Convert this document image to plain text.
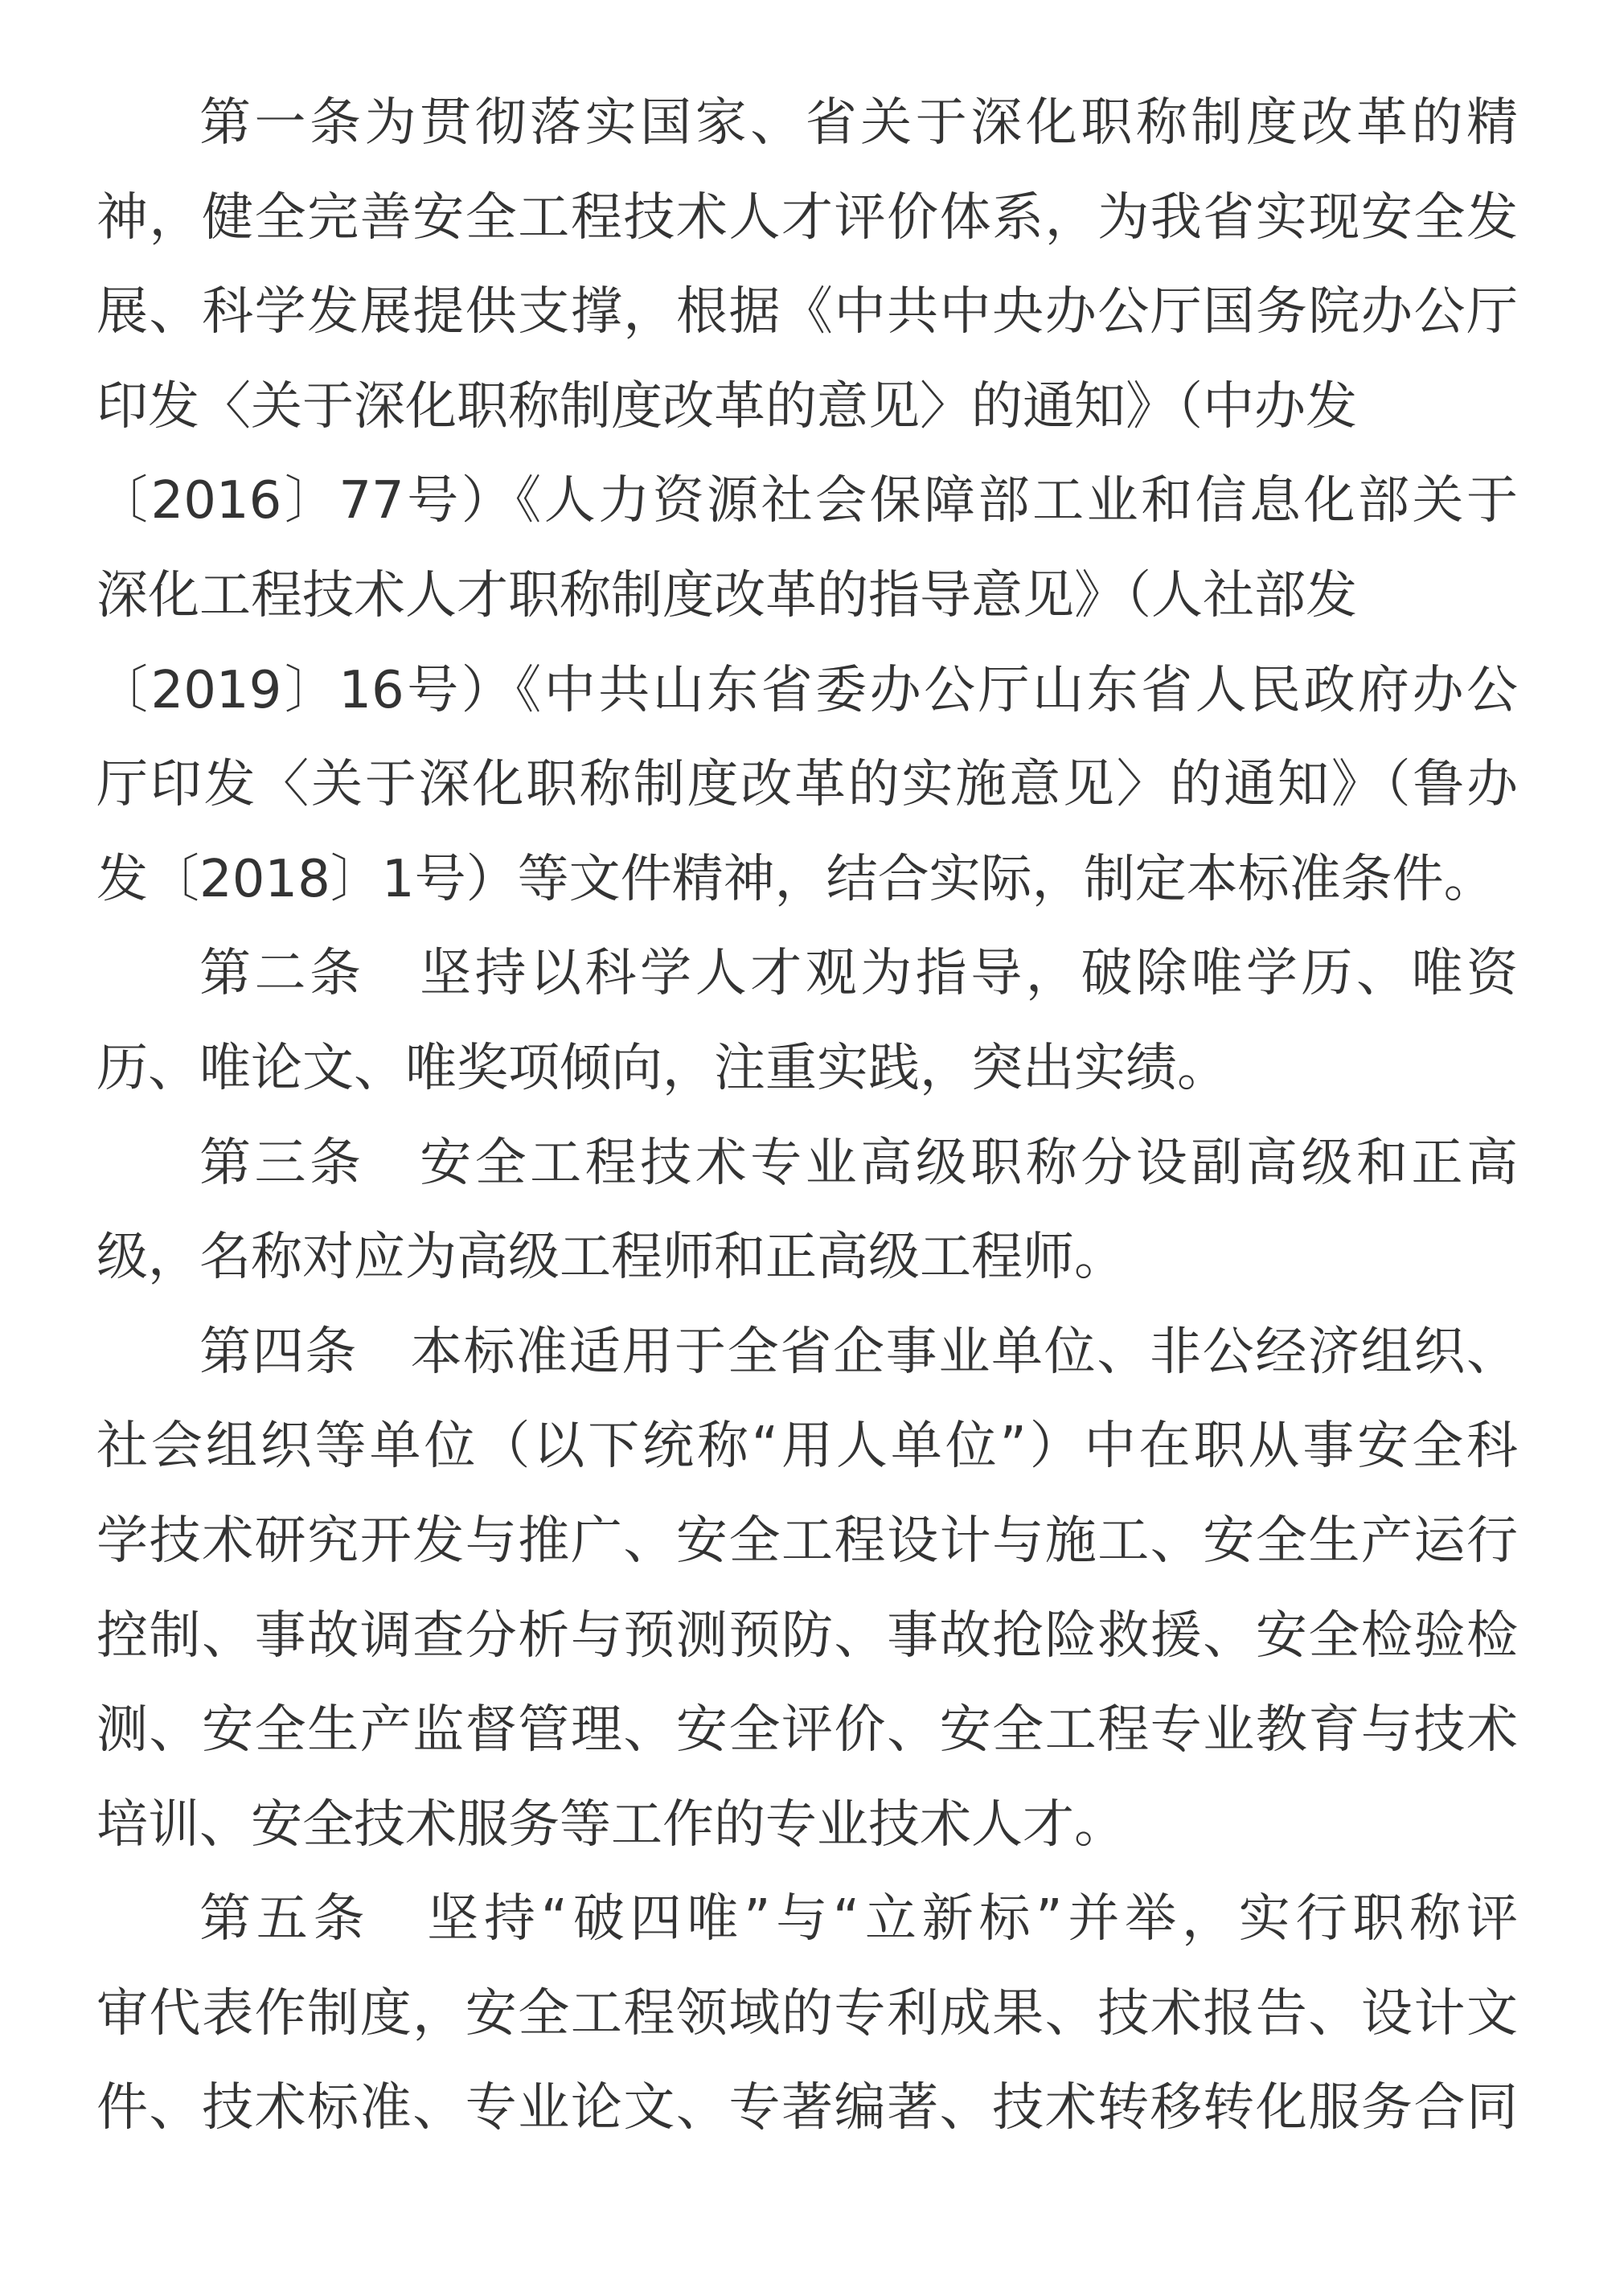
第一条为贯彻落实国家、省关于深化职称制度改革的精
神，健全完善安全工程技术人才评价体系，为我省实现安全发
展、科学发展提供支撑，根据《中共中央办公厅国务院办公厅
印发〈关于深化职称制度改革的意见〉的通知》（中办发
〔2016〕77号）《人力资源社会保障部工业和信息化部关于
深化工程技术人才职称制度改革的指导意见》（人社部发
〔2019〕16号）《中共山东省委办公厅山东省人民政府办公
厅印发〈关于深化职称制度改革的实施意见〉的通知》（鲁办
发〔2018〕1号）等文件精神，结合实际，制定本标准条件。
第二条　坚持以科学人才观为指导，破除唯学历、唯资
历、唯论文、唯奖项倾向，注重实践，突出实绩。
第三条　安全工程技术专业高级职称分设副高级和正高
级，名称对应为高级工程师和正高级工程师。
第四条　本标准适用于全省企事业单位、非公经济组织、
社会组织等单位（以下统称“用人单位”）中在职从事安全科
学技术研究开发与推广、安全工程设计与施工、安全生产运行
控制、事故调查分析与预测预防、事故抢险救援、安全检验检
测、安全生产监督管理、安全评价、安全工程专业教育与技术
培训、安全技术服务等工作的专业技术人才。
第五条　坚持“破四唯”与“立新标”并举，实行职称评
审代表作制度，安全工程领域的专利成果、技术报告、设计文
件、技术标准、专业论文、专著编著、技术转移转化服务合同
